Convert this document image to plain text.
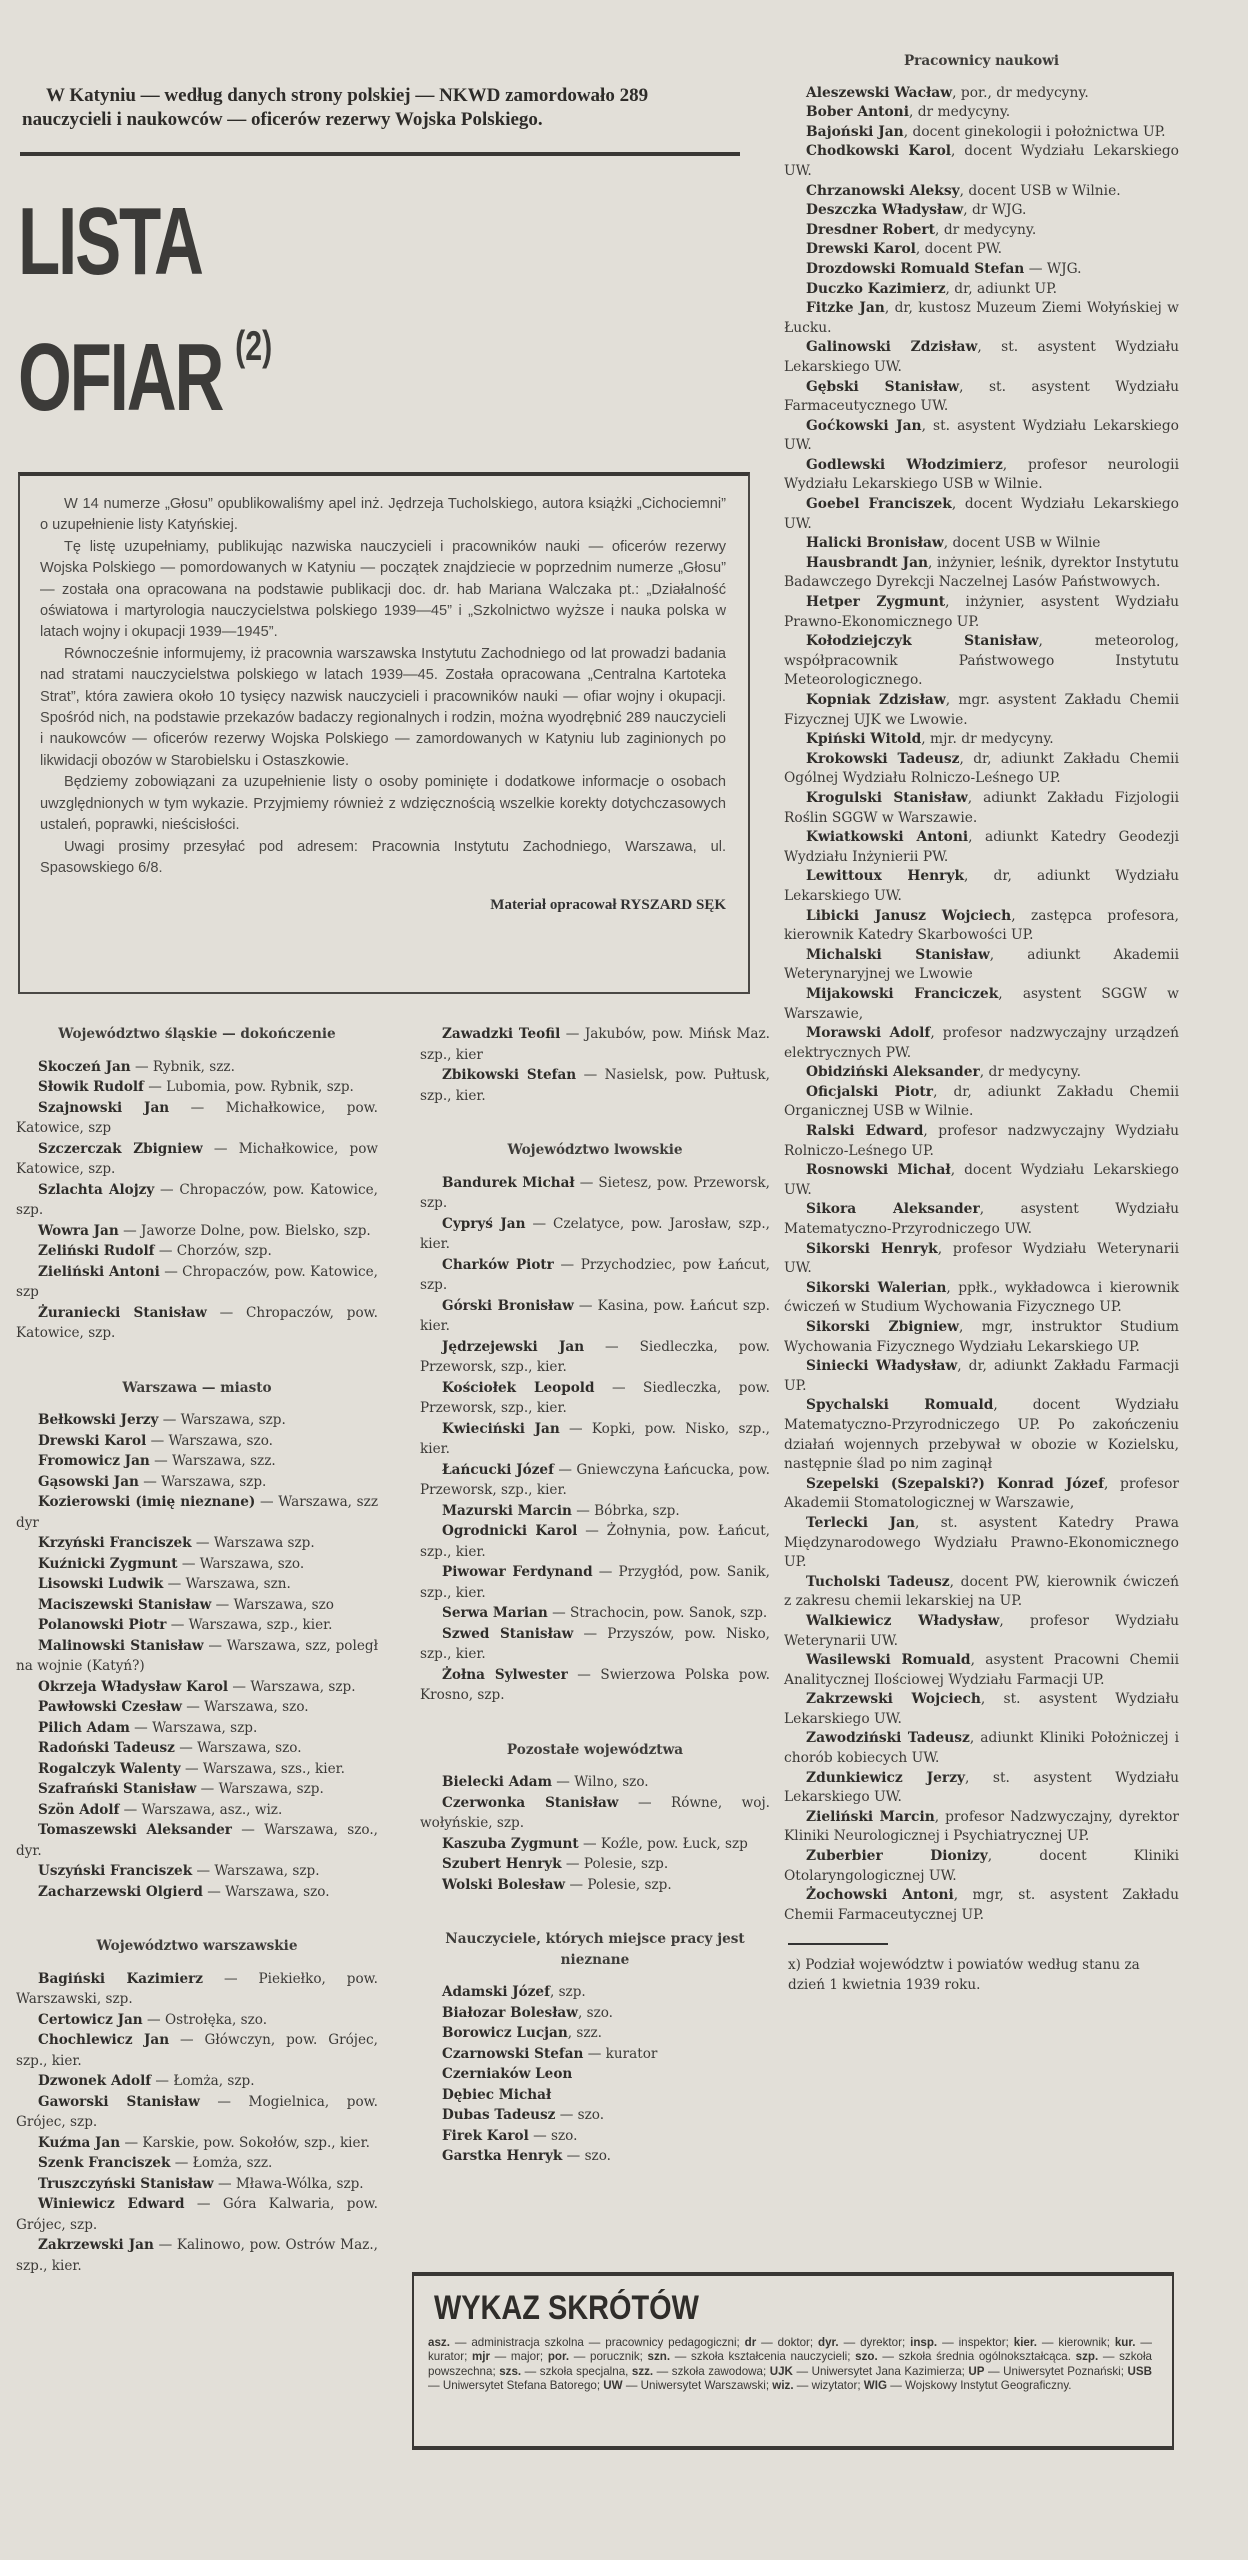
W Katyniu — według danych strony polskiej — NKWD zamordowało 289 nauczycieli i naukowców — oficerów rezerwy Wojska Polskiego.
LISTA
OFIAR $^{(2)}$

W 14 numerze „Głosu” opublikowaliśmy apel inż. Jędrzeja Tucholskiego, autora książki „Cichociemni” o uzupełnienie listy Katyńskiej.

Tę listę uzupełniamy, publikując nazwiska nauczycieli i pracowników nauki — oficerów rezerwy Wojska Polskiego — pomordowanych w Katyniu — początek znajdziecie w poprzednim numerze „Głosu” — została ona opracowana na podstawie publikacji doc. dr. hab Mariana Walczaka pt.: „Działalność oświatowa i martyrologia nauczycielstwa polskiego 1939—45” i „Szkolnictwo wyższe i nauka polska w latach wojny i okupacji 1939—1945”.

Równocześnie informujemy, iż pracownia warszawska Instytutu Zachodniego od lat prowadzi badania nad stratami nauczycielstwa polskiego w latach 1939—45. Została opracowana „Centralna Kartoteka Strat”, która zawiera około 10 tysięcy nazwisk nauczycieli i pracowników nauki — ofiar wojny i okupacji. Spośród nich, na podstawie przekazów badaczy regionalnych i rodzin, można wyodrębnić 289 nauczycieli i naukowców — oficerów rezerwy Wojska Polskiego — zamordowanych w Katyniu lub zaginionych po likwidacji obozów w Starobielsku i Ostaszkowie.

Będziemy zobowiązani za uzupełnienie listy o osoby pominięte i dodatkowe informacje o osobach uwzględnionych w tym wykazie. Przyjmiemy również z wdzięcznością wszelkie korekty dotychczasowych ustaleń, poprawki, nieścisłości.

Uwagi prosimy przesyłać pod adresem: Pracownia Instytutu Zachodniego, Warszawa, ul. Spasowskiego 6/8.

Materiał opracował RYSZARD SĘK
Województwo śląskie — dokończenie

Skoczeń Jan — Rybnik, szz.

Słowik Rudolf — Lubomia, pow. Rybnik, szp.

Szajnowski Jan — Michałkowice, pow. Katowice, szp

Szczerczak Zbigniew — Michałkowice, pow Katowice, szp.

Szlachta Alojzy — Chropaczów, pow. Katowice, szp.

Wowra Jan — Jaworze Dolne, pow. Bielsko, szp.

Zeliński Rudolf — Chorzów, szp.

Zieliński Antoni — Chropaczów, pow. Katowice, szp

Żuraniecki Stanisław — Chropaczów, pow. Katowice, szp.

Warszawa — miasto

Bełkowski Jerzy — Warszawa, szp.

Drewski Karol — Warszawa, szo.

Fromowicz Jan — Warszawa, szz.

Gąsowski Jan — Warszawa, szp.

Kozierowski (imię nieznane) — Warszawa, szz dyr

Krzyński Franciszek — Warszawa szp.

Kuźnicki Zygmunt — Warszawa, szo.

Lisowski Ludwik — Warszawa, szn.

Maciszewski Stanisław — Warszawa, szo

Polanowski Piotr — Warszawa, szp., kier.

Malinowski Stanisław — Warszawa, szz, poległ na wojnie (Katyń?)

Okrzeja Władysław Karol — Warszawa, szp.

Pawłowski Czesław — Warszawa, szo.

Pilich Adam — Warszawa, szp.

Radoński Tadeusz — Warszawa, szo.

Rogalczyk Walenty — Warszawa, szs., kier.

Szafrański Stanisław — Warszawa, szp.

Szön Adolf — Warszawa, asz., wiz.

Tomaszewski Aleksander — Warszawa, szo., dyr.

Uszyński Franciszek — Warszawa, szp.

Zacharzewski Olgierd — Warszawa, szo.

Województwo warszawskie

Bagiński Kazimierz — Piekiełko, pow. Warszawski, szp.

Certowicz Jan — Ostrołęka, szo.

Chochlewicz Jan — Główczyn, pow. Grójec, szp., kier.

Dzwonek Adolf — Łomża, szp.

Gaworski Stanisław — Mogielnica, pow. Grójec, szp.

Kuźma Jan — Karskie, pow. Sokołów, szp., kier.

Szenk Franciszek — Łomża, szz.

Truszczyński Stanisław — Mława-Wólka, szp.

Winiewicz Edward — Góra Kalwaria, pow. Grójec, szp.

Zakrzewski Jan — Kalinowo, pow. Ostrów Maz., szp., kier.

Zawadzki Teofil — Jakubów, pow. Mińsk Maz. szp., kier

Zbikowski Stefan — Nasielsk, pow. Pułtusk, szp., kier.

Województwo lwowskie

Bandurek Michał — Sietesz, pow. Przeworsk, szp.

Cypryś Jan — Czelatyce, pow. Jarosław, szp., kier.

Charków Piotr — Przychodziec, pow Łańcut, szp.

Górski Bronisław — Kasina, pow. Łańcut szp. kier.

Jędrzejewski Jan — Siedleczka, pow. Przeworsk, szp., kier.

Kościołek Leopold — Siedleczka, pow. Przeworsk, szp., kier.

Kwieciński Jan — Kopki, pow. Nisko, szp., kier.

Łańcucki Józef — Gniewczyna Łańcucka, pow. Przeworsk, szp., kier.

Mazurski Marcin — Bóbrka, szp.

Ogrodnicki Karol — Żołnynia, pow. Łańcut, szp., kier.

Piwowar Ferdynand — Przygłód, pow. Sanik, szp., kier.

Serwa Marian — Strachocin, pow. Sanok, szp.

Szwed Stanisław — Przyszów, pow. Nisko, szp., kier.

Żołna Sylwester — Swierzowa Polska pow. Krosno, szp.

Pozostałe województwa

Bielecki Adam — Wilno, szo.

Czerwonka Stanisław — Równe, woj. wołyńskie, szp.

Kaszuba Zygmunt — Koźle, pow. Łuck, szp

Szubert Henryk — Polesie, szp.

Wolski Bolesław — Polesie, szp.

Nauczyciele, których miejsce pracy jest nieznane

Adamski Józef, szp.

Białozar Bolesław, szo.

Borowicz Lucjan, szz.

Czarnowski Stefan — kurator

Czerniaków Leon

Dębiec Michał

Dubas Tadeusz — szo.

Firek Karol — szo.

Garstka Henryk — szo.

Pracownicy naukowi

Aleszewski Wacław, por., dr medycyny.

Bober Antoni, dr medycyny.

Bajoński Jan, docent ginekologii i położnictwa UP.

Chodkowski Karol, docent Wydziału Lekarskiego UW.

Chrzanowski Aleksy, docent USB w Wilnie.

Deszczka Władysław, dr WJG.

Dresdner Robert, dr medycyny.

Drewski Karol, docent PW.

Drozdowski Romuald Stefan — WJG.

Duczko Kazimierz, dr, adiunkt UP.

Fitzke Jan, dr, kustosz Muzeum Ziemi Wołyńskiej w Łucku.

Galinowski Zdzisław, st. asystent Wydziału Lekarskiego UW.

Gębski Stanisław, st. asystent Wydziału Farmaceutycznego UW.

Goćkowski Jan, st. asystent Wydziału Lekarskiego UW.

Godlewski Włodzimierz, profesor neurologii Wydziału Lekarskiego USB w Wilnie.

Goebel Franciszek, docent Wydziału Lekarskiego UW.

Halicki Bronisław, docent USB w Wilnie

Hausbrandt Jan, inżynier, leśnik, dyrektor Instytutu Badawczego Dyrekcji Naczelnej Lasów Państwowych.

Hetper Zygmunt, inżynier, asystent Wydziału Prawno-Ekonomicznego UP.

Kołodziejczyk Stanisław, meteorolog, współpracownik Państwowego Instytutu Meteorologicznego.

Kopniak Zdzisław, mgr. asystent Zakładu Chemii Fizycznej UJK we Lwowie.

Kpiński Witold, mjr. dr medycyny.

Krokowski Tadeusz, dr, adiunkt Zakładu Chemii Ogólnej Wydziału Rolniczo-Leśnego UP.

Krogulski Stanisław, adiunkt Zakładu Fizjologii Roślin SGGW w Warszawie.

Kwiatkowski Antoni, adiunkt Katedry Geodezji Wydziału Inżynierii PW.

Lewittoux Henryk, dr, adiunkt Wydziału Lekarskiego UW.

Libicki Janusz Wojciech, zastępca profesora, kierownik Katedry Skarbowości UP.

Michalski Stanisław, adiunkt Akademii Weterynaryjnej we Lwowie

Mijakowski Franciczek, asystent SGGW w Warszawie,

Morawski Adolf, profesor nadzwyczajny urządzeń elektrycznych PW.

Obidziński Aleksander, dr medycyny.

Oficjalski Piotr, dr, adiunkt Zakładu Chemii Organicznej USB w Wilnie.

Ralski Edward, profesor nadzwyczajny Wydziału Rolniczo-Leśnego UP.

Rosnowski Michał, docent Wydziału Lekarskiego UW.

Sikora Aleksander, asystent Wydziału Matematyczno-Przyrodniczego UW.

Sikorski Henryk, profesor Wydziału Weterynarii UW.

Sikorski Walerian, ppłk., wykładowca i kierownik ćwiczeń w Studium Wychowania Fizycznego UP.

Sikorski Zbigniew, mgr, instruktor Studium Wychowania Fizycznego Wydziału Lekarskiego UP.

Siniecki Władysław, dr, adiunkt Zakładu Farmacji UP.

Spychalski Romuald, docent Wydziału Matematyczno-Przyrodniczego UP. Po zakończeniu działań wojennych przebywał w obozie w Kozielsku, następnie ślad po nim zaginął

Szepelski (Szepalski?) Konrad Józef, profesor Akademii Stomatologicznej w Warszawie,

Terlecki Jan, st. asystent Katedry Prawa Międzynarodowego Wydziału Prawno-Ekonomicznego UP.

Tucholski Tadeusz, docent PW, kierownik ćwiczeń z zakresu chemii lekarskiej na UP.

Walkiewicz Władysław, profesor Wydziału Weterynarii UW.

Wasilewski Romuald, asystent Pracowni Chemii Analitycznej Ilościowej Wydziału Farmacji UP.

Zakrzewski Wojciech, st. asystent Wydziału Lekarskiego UW.

Zawodziński Tadeusz, adiunkt Kliniki Położniczej i chorób kobiecych UW.

Zdunkiewicz Jerzy, st. asystent Wydziału Lekarskiego UW.

Zieliński Marcin, profesor Nadzwyczajny, dyrektor Kliniki Neurologicznej i Psychiatrycznej UP.

Zuberbier Dionizy, docent Kliniki Otolaryngologicznej UW.

Żochowski Antoni, mgr, st. asystent Zakładu Chemii Farmaceutycznej UP.

x) Podział województw i powiatów według stanu za dzień 1 kwietnia 1939 roku.
WYKAZ SKRÓTÓW
asz. — administracja szkolna — pracownicy pedagogiczni; dr — doktor; dyr. — dyrektor; insp. — inspektor; kier. — kierownik; kur. — kurator; mjr — major; por. — porucznik; szn. — szkoła kształcenia nauczycieli; szo. — szkoła średnia ogólnokształcąca. szp. — szkoła powszechna; szs. — szkoła specjalna, szz. — szkoła zawodowa; UJK — Uniwersytet Jana Kazimierza; UP — Uniwersytet Poznański; USB — Uniwersytet Stefana Batorego; UW — Uniwersytet Warszawski; wiz. — wizytator; WIG — Wojskowy Instytut Geograficzny.
